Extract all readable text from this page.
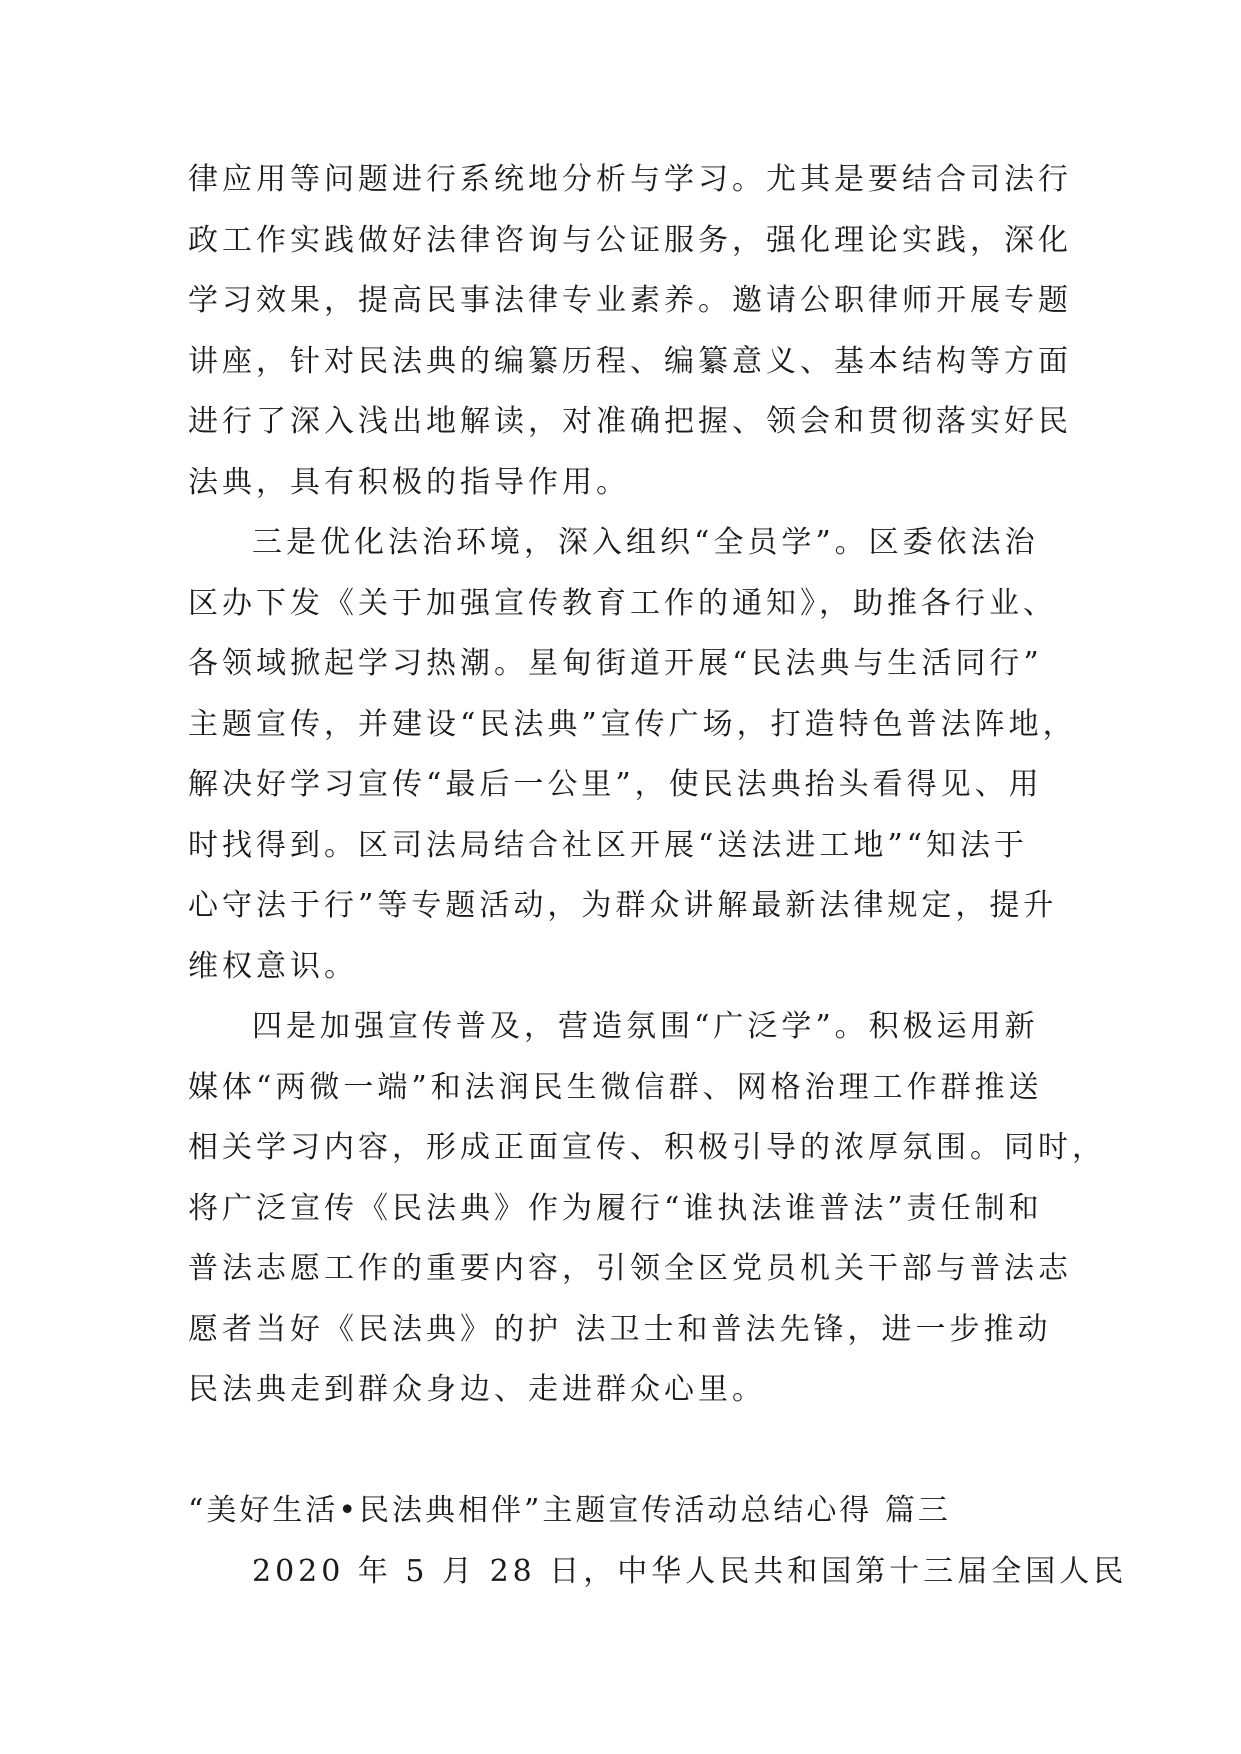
律应用等问题进行系统地分析与学习。尤其是要结合司法行
政工作实践做好法律咨询与公证服务，强化理论实践，深化
学习效果，提高民事法律专业素养。邀请公职律师开展专题
讲座，针对民法典的编纂历程、编纂意义、基本结构等方面
进行了深入浅出地解读，对准确把握、领会和贯彻落实好民
法典，具有积极的指导作用。
三是优化法治环境，深入组织“全员学”。区委依法治
区办下发《关于加强宣传教育工作的通知》，助推各行业、
各领域掀起学习热潮。星甸街道开展“民法典与生活同行”
主题宣传，并建设“民法典”宣传广场，打造特色普法阵地，
解决好学习宣传“最后一公里”，使民法典抬头看得见、用
时找得到。区司法局结合社区开展“送法进工地”“知法于
心守法于行”等专题活动，为群众讲解最新法律规定，提升
维权意识。
四是加强宣传普及，营造氛围“广泛学”。积极运用新
媒体“两微一端”和法润民生微信群、网格治理工作群推送
相关学习内容，形成正面宣传、积极引导的浓厚氛围。同时，
将广泛宣传《民法典》作为履行“谁执法谁普法”责任制和
普法志愿工作的重要内容，引领全区党员机关干部与普法志
愿者当好《民法典》的护 法卫士和普法先锋，进一步推动
民法典走到群众身边、走进群众心里。
“美好生活•民法典相伴”主题宣传活动总结心得 篇三
2020 年 5 月 28 日，中华人民共和国第十三届全国人民
